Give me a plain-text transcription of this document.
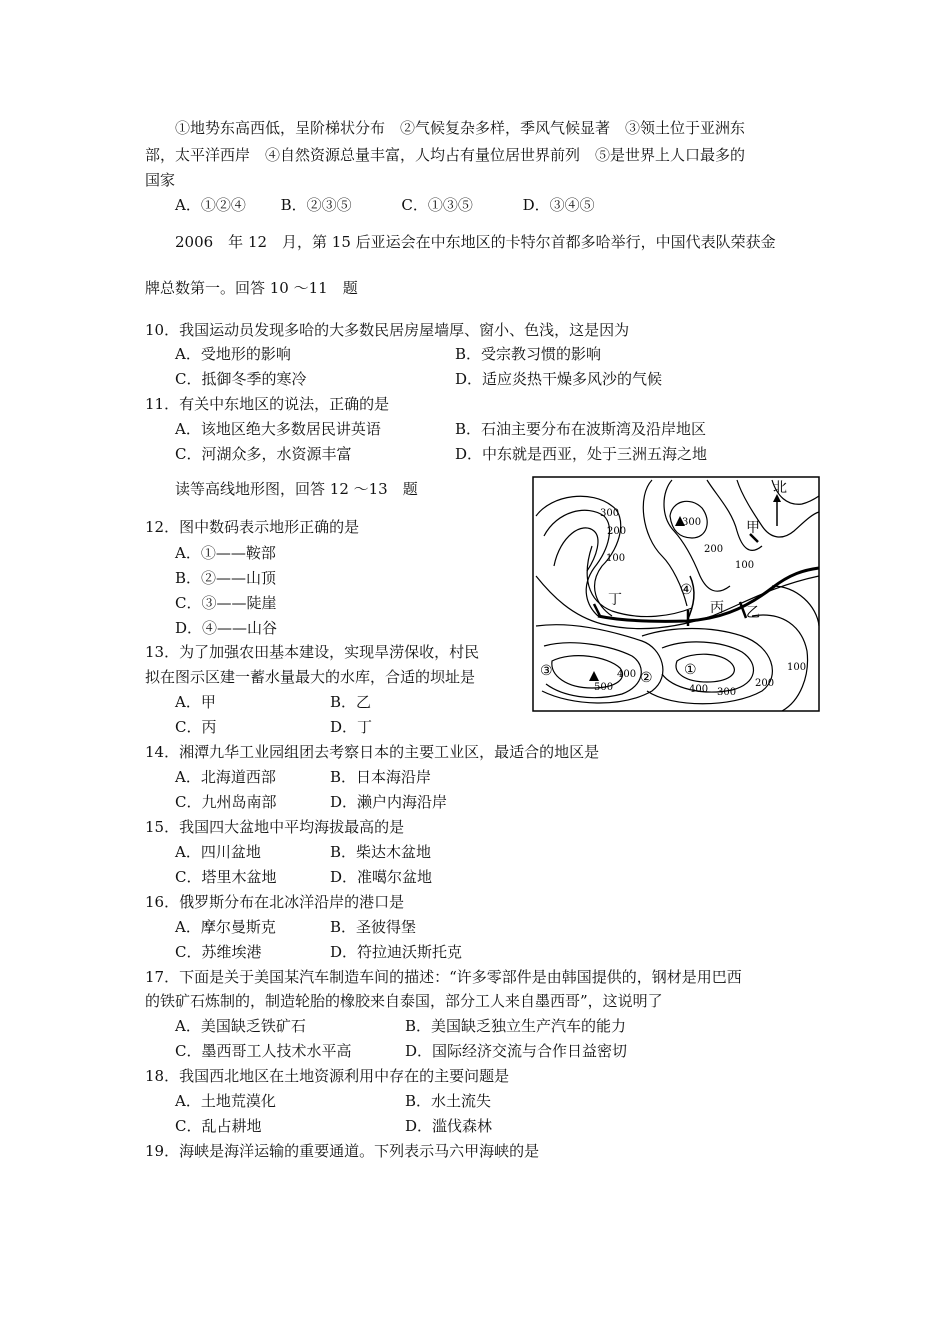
①地势东高西低，呈阶梯状分布　②气候复杂多样，季风气候显著　③领土位于亚洲东
部，太平洋西岸　④自然资源总量丰富，人均占有量位居世界前列　⑤是世界上人口最多的
国家
A．①②④　　 B．②③⑤　　　 C．①③⑤　　　 D．③④⑤
2006　年 12　月，第 15 后亚运会在中东地区的卡特尔首都多哈举行，中国代表队荣获金
牌总数第一。回答 10 ～11　题
10．我国运动员发现多哈的大多数民居房屋墙厚、窗小、色浅，这是因为
A．受地形的影响	B．受宗教习惯的影响
C．抵御冬季的寒冷	D．适应炎热干燥多风沙的气候
11．有关中东地区的说法，正确的是
A．该地区绝大多数居民讲英语	B．石油主要分布在波斯湾及沿岸地区
C．河湖众多，水资源丰富	D．中东就是西亚，处于三洲五海之地
读等高线地形图，回答 12 ～13　题
12．图中数码表示地形正确的是
A．①——鞍部
B．②——山顶
C．③——陡崖
D．④——山谷
13．为了加强农田基本建设，实现旱涝保收，村民
拟在图示区建一蓄水量最大的水库，合适的坝址是
A．甲	B．乙
C．丙	D．丁
14．湘潭九华工业园组团去考察日本的主要工业区，最适合的地区是
A．北海道西部	B．日本海沿岸
C．九州岛南部	D．濑户内海沿岸
15．我国四大盆地中平均海拔最高的是
A．四川盆地	B．柴达木盆地
C．塔里木盆地	D．准噶尔盆地
16．俄罗斯分布在北冰洋沿岸的港口是
A．摩尔曼斯克	B．圣彼得堡
C．苏维埃港	D．符拉迪沃斯托克
17．下面是关于美国某汽车制造车间的描述：“许多零部件是由韩国提供的，钢材是用巴西
的铁矿石炼制的，制造轮胎的橡胶来自泰国，部分工人来自墨西哥”，这说明了
A．美国缺乏铁矿石	B．美国缺乏独立生产汽车的能力
C．墨西哥工人技术水平高	D．国际经济交流与合作日益密切
18．我国西北地区在土地资源利用中存在的主要问题是
A．土地荒漠化	B．水土流失
C．乱占耕地	D．滥伐森林
19．海峡是海洋运输的重要通道。下列表示马六甲海峡的是
北
甲
乙
丙
丁
①
②
③
④
300
200
100
300
200
100
100
200
300
400
400
500
